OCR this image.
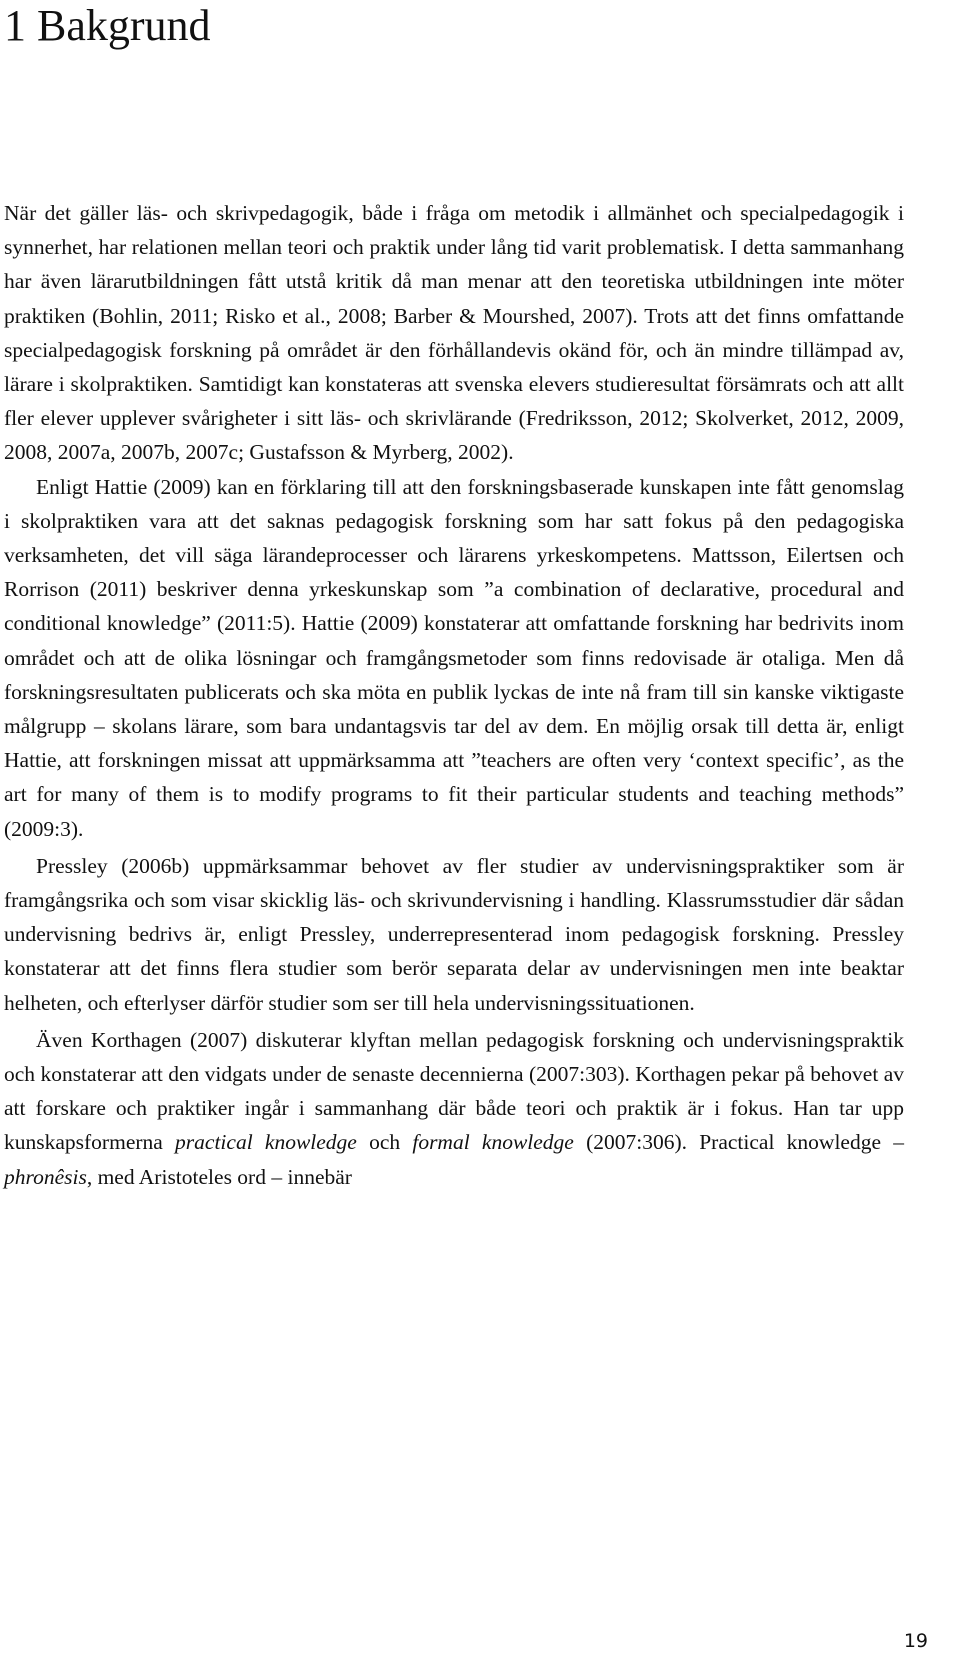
1 Bakgrund

När det gäller läs- och skrivpedagogik, både i fråga om metodik i allmänhet och specialpedagogik i synnerhet, har relationen mellan teori och praktik under lång tid varit problematisk. I detta sammanhang har även lärarutbildningen fått utstå kritik då man menar att den teoretiska utbildningen inte möter praktiken (Bohlin, 2011; Risko et al., 2008; Barber & Mourshed, 2007). Trots att det finns omfattande specialpedagogisk forskning på området är den förhållandevis okänd för, och än mindre tillämpad av, lärare i skolpraktiken. Samtidigt kan konstateras att svenska elevers studieresultat försämrats och att allt fler elever upplever svårigheter i sitt läs- och skrivlärande (Fredriksson, 2012; Skolverket, 2012, 2009, 2008, 2007a, 2007b, 2007c; Gustafsson & Myrberg, 2002).

Enligt Hattie (2009) kan en förklaring till att den forskningsbaserade kunskapen inte fått genomslag i skolpraktiken vara att det saknas pedagogisk forskning som har satt fokus på den pedagogiska verksamheten, det vill säga lärandeprocesser och lärarens yrkeskompetens. Mattsson, Eilertsen och Rorrison (2011) beskriver denna yrkeskunskap som ”a combination of declarative, procedural and conditional knowledge” (2011:5). Hattie (2009) konstaterar att omfattande forskning har bedrivits inom området och att de olika lösningar och framgångsmetoder som finns redovisade är otaliga. Men då forskningsresultaten publicerats och ska möta en publik lyckas de inte nå fram till sin kanske viktigaste målgrupp – skolans lärare, som bara undantagsvis tar del av dem. En möjlig orsak till detta är, enligt Hattie, att forskningen missat att uppmärksamma att ”teachers are often very ‘context specific’, as the art for many of them is to modify programs to fit their particular students and teaching methods” (2009:3).

Pressley (2006b) uppmärksammar behovet av fler studier av undervisningspraktiker som är framgångsrika och som visar skicklig läs- och skrivundervisning i handling. Klassrumsstudier där sådan undervisning bedrivs är, enligt Pressley, underrepresenterad inom pedagogisk forskning. Pressley konstaterar att det finns flera studier som berör separata delar av undervisningen men inte beaktar helheten, och efterlyser därför studier som ser till hela undervisningssituationen.

Även Korthagen (2007) diskuterar klyftan mellan pedagogisk forskning och undervisningspraktik och konstaterar att den vidgats under de senaste decennierna (2007:303). Korthagen pekar på behovet av att forskare och praktiker ingår i sammanhang där både teori och praktik är i fokus. Han tar upp kunskapsformerna practical knowledge och formal knowledge (2007:306). Practical knowledge – phronêsis, med Aristoteles ord – innebär

19
